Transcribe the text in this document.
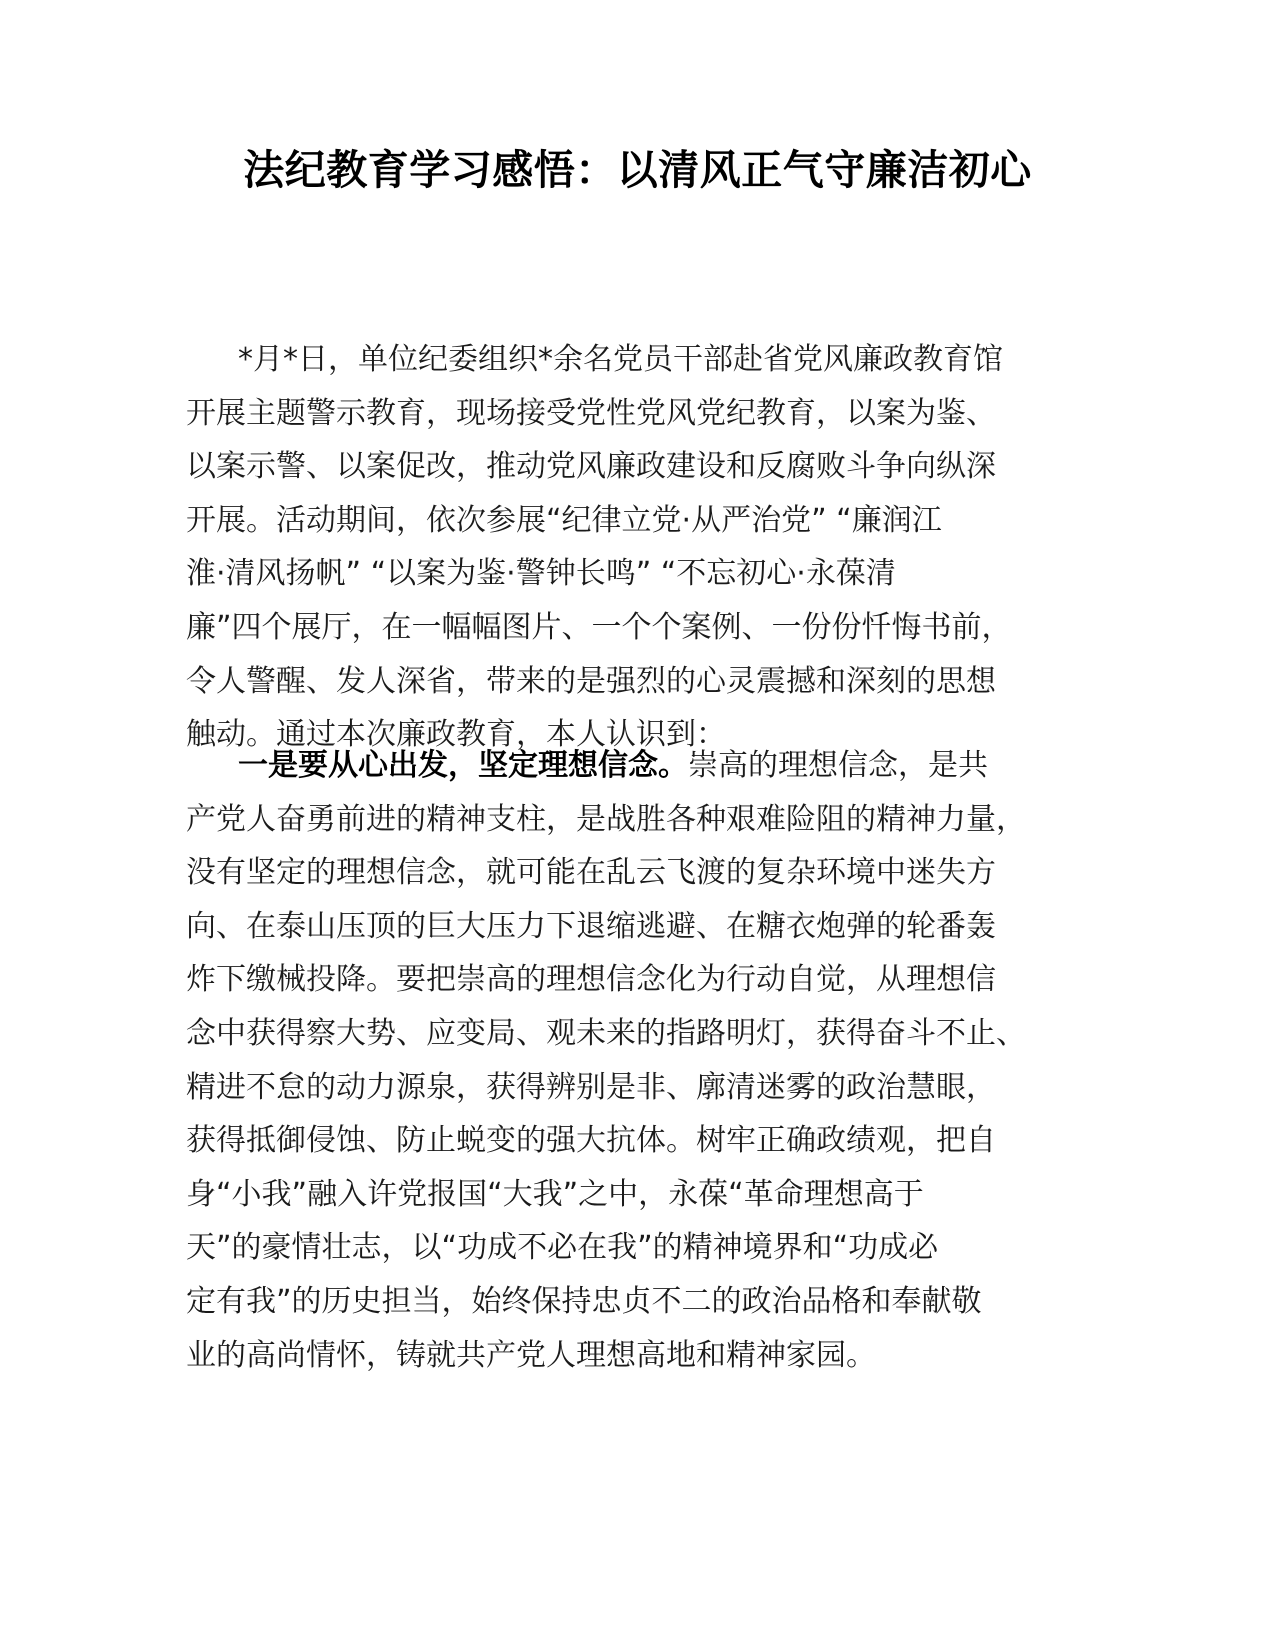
法纪教育学习感悟：以清风正气守廉洁初心
*月*日，单位纪委组织*余名党员干部赴省党风廉政教育馆
开展主题警示教育，现场接受党性党风党纪教育，以案为鉴、
以案示警、以案促改，推动党风廉政建设和反腐败斗争向纵深
开展。活动期间，依次参展“纪律立党·从严治党” “廉润江
淮·清风扬帆” “以案为鉴·警钟长鸣” “不忘初心·永葆清
廉”四个展厅，在一幅幅图片、一个个案例、一份份忏悔书前，
令人警醒、发人深省，带来的是强烈的心灵震撼和深刻的思想
触动。通过本次廉政教育，本人认识到：
一是要从心出发，坚定理想信念。崇高的理想信念，是共
产党人奋勇前进的精神支柱，是战胜各种艰难险阻的精神力量，
没有坚定的理想信念，就可能在乱云飞渡的复杂环境中迷失方
向、在泰山压顶的巨大压力下退缩逃避、在糖衣炮弹的轮番轰
炸下缴械投降。要把崇高的理想信念化为行动自觉，从理想信
念中获得察大势、应变局、观未来的指路明灯，获得奋斗不止、
精进不怠的动力源泉，获得辨别是非、廓清迷雾的政治慧眼，
获得抵御侵蚀、防止蜕变的强大抗体。树牢正确政绩观，把自
身“小我”融入许党报国“大我”之中，永葆“革命理想高于
天”的豪情壮志，以“功成不必在我”的精神境界和“功成必
定有我”的历史担当，始终保持忠贞不二的政治品格和奉献敬
业的高尚情怀，铸就共产党人理想高地和精神家园。
